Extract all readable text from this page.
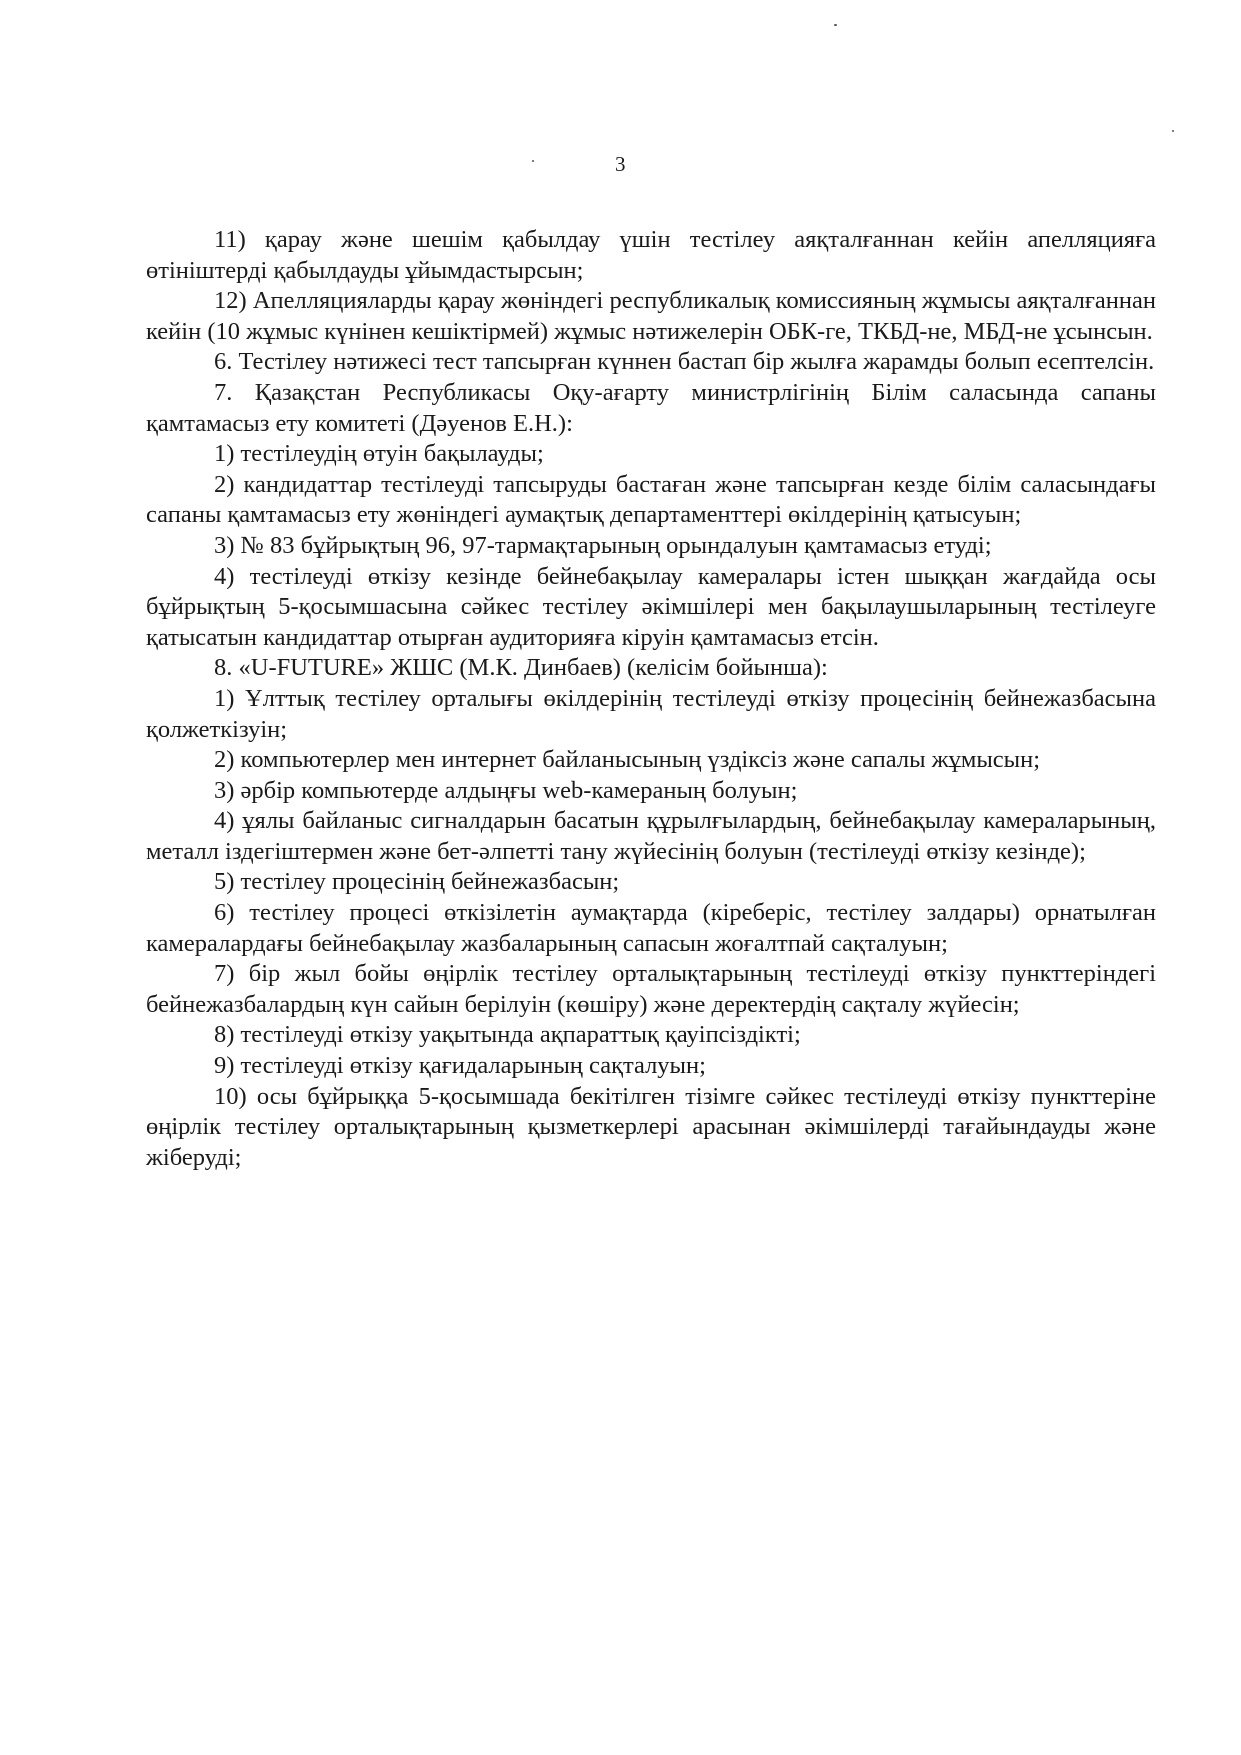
3

11) қарау және шешім қабылдау үшін тестілеу аяқталғаннан кейін апелляцияға өтініштерді қабылдауды ұйымдастырсын;

12) Апелляцияларды қарау жөніндегі республикалық комиссияның жұмысы аяқталғаннан кейін (10 жұмыс күнінен кешіктірмей) жұмыс нәтижелерін ОБК-ге, ТКБД-не, МБД-не ұсынсын.

6. Тестілеу нәтижесі тест тапсырған күннен бастап бір жылға жарамды болып есептелсін.

7. Қазақстан Республикасы Оқу-ағарту министрлігінің Білім саласында сапаны қамтамасыз ету комитеті (Дәуенов Е.Н.):

1) тестілеудің өтуін бақылауды;

2) кандидаттар тестілеуді тапсыруды бастаған және тапсырған кезде білім саласындағы сапаны қамтамасыз ету жөніндегі аумақтық департаменттері өкілдерінің қатысуын;

3) № 83 бұйрықтың 96, 97-тармақтарының орындалуын қамтамасыз етуді;

4) тестілеуді өткізу кезінде бейнебақылау камералары істен шыққан жағдайда осы бұйрықтың 5-қосымшасына сәйкес тестілеу әкімшілері мен бақылаушыларының тестілеуге қатысатын кандидаттар отырған аудиторияға кіруін қамтамасыз етсін.

8. «U-FUTURE» ЖШС (М.К. Динбаев) (келісім бойынша):

1) Ұлттық тестілеу орталығы өкілдерінің тестілеуді өткізу процесінің бейнежазбасына қолжеткізуін;

2) компьютерлер мен интернет байланысының үздіксіз және сапалы жұмысын;

3) әрбір компьютерде алдыңғы web-камераның болуын;

4) ұялы байланыс сигналдарын басатын құрылғылардың, бейнебақылау камераларының, металл іздегіштермен және бет-әлпетті тану жүйесінің болуын (тестілеуді өткізу кезінде);

5) тестілеу процесінің бейнежазбасын;

6) тестілеу процесі өткізілетін аумақтарда (кіреберіс, тестілеу залдары) орнатылған камералардағы бейнебақылау жазбаларының сапасын жоғалтпай сақталуын;

7) бір жыл бойы өңірлік тестілеу орталықтарының тестілеуді өткізу пункттеріндегі бейнежазбалардың күн сайын берілуін (көшіру) және деректердің сақталу жүйесін;

8) тестілеуді өткізу уақытында ақпараттық қауіпсіздікті;

9) тестілеуді өткізу қағидаларының сақталуын;

10) осы бұйрыққа 5-қосымшада бекітілген тізімге сәйкес тестілеуді өткізу пункттеріне өңірлік тестілеу орталықтарының қызметкерлері арасынан әкімшілерді тағайындауды және жіберуді;
